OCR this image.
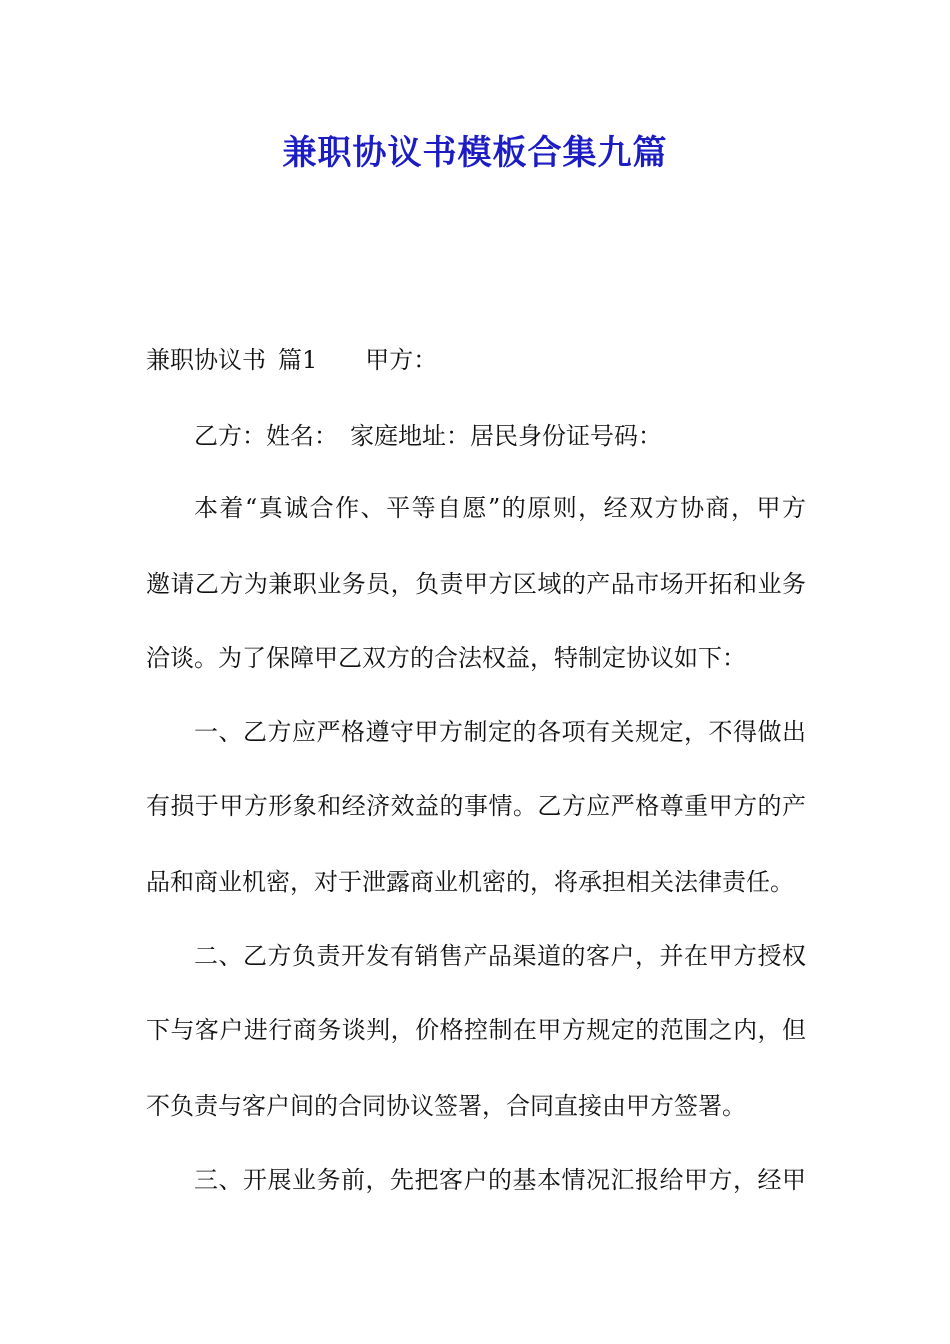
兼职协议书模板合集九篇
兼职协议书 篇1 甲方：
乙方：姓名：　家庭地址：居民身份证号码：
本着“真诚合作、平等自愿”的原则，经双方协商，甲方
邀请乙方为兼职业务员，负责甲方区域的产品市场开拓和业务
洽谈。为了保障甲乙双方的合法权益，特制定协议如下：
一、乙方应严格遵守甲方制定的各项有关规定，不得做出
有损于甲方形象和经济效益的事情。乙方应严格尊重甲方的产
品和商业机密，对于泄露商业机密的，将承担相关法律责任。
二、乙方负责开发有销售产品渠道的客户，并在甲方授权
下与客户进行商务谈判，价格控制在甲方规定的范围之内，但
不负责与客户间的合同协议签署，合同直接由甲方签署。
三、开展业务前，先把客户的基本情况汇报给甲方，经甲
